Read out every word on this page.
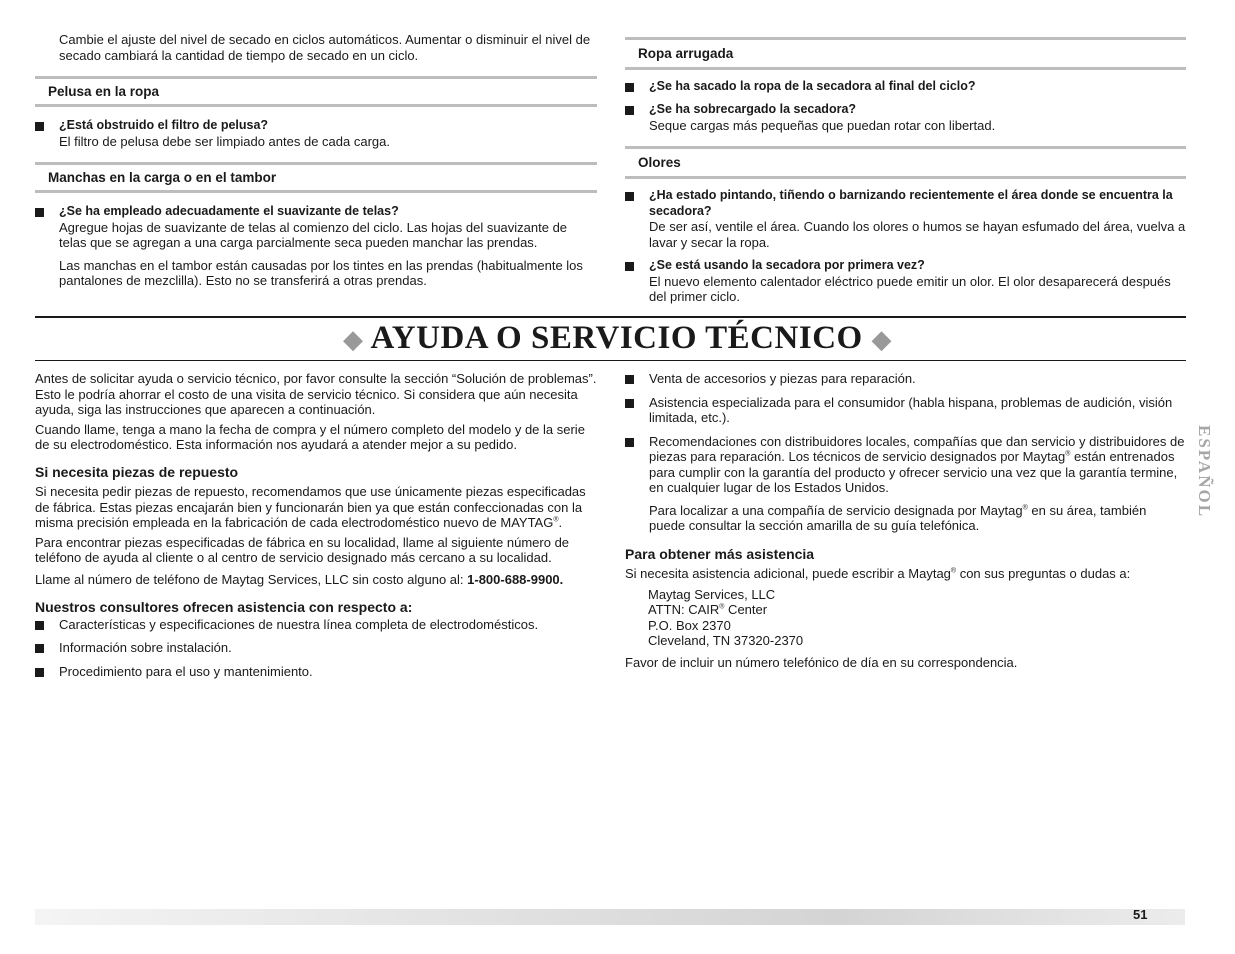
Cambie el ajuste del nivel de secado en ciclos automáticos. Aumentar o disminuir el nivel de secado cambiará la cantidad de tiempo de secado en un ciclo.

Pelusa en la ropa

¿Está obstruido el filtro de pelusa?

El filtro de pelusa debe ser limpiado antes de cada carga.

Manchas en la carga o en el tambor

¿Se ha empleado adecuadamente el suavizante de telas?

Agregue hojas de suavizante de telas al comienzo del ciclo. Las hojas del suavizante de telas que se agregan a una carga parcialmente seca pueden manchar las prendas.

Las manchas en el tambor están causadas por los tintes en las prendas (habitualmente los pantalones de mezclilla). Esto no se transferirá a otras prendas.

Ropa arrugada

¿Se ha sacado la ropa de la secadora al final del ciclo?

¿Se ha sobrecargado la secadora?

Seque cargas más pequeñas que puedan rotar con libertad.

Olores

¿Ha estado pintando, tiñendo o barnizando recientemente el área donde se encuentra la secadora?

De ser así, ventile el área. Cuando los olores o humos se hayan esfumado del área, vuelva a lavar y secar la ropa.

¿Se está usando la secadora por primera vez?

El nuevo elemento calentador eléctrico puede emitir un olor. El olor desaparecerá después del primer ciclo.

◆ AYUDA O SERVICIO TÉCNICO ◆

Antes de solicitar ayuda o servicio técnico, por favor consulte la sección “Solución de problemas”. Esto le podría ahorrar el costo de una visita de servicio técnico. Si considera que aún necesita ayuda, siga las instrucciones que aparecen a continuación.

Cuando llame, tenga a mano la fecha de compra y el número completo del modelo y de la serie de su electrodoméstico. Esta información nos ayudará a atender mejor a su pedido.

Si necesita piezas de repuesto

Si necesita pedir piezas de repuesto, recomendamos que use únicamente piezas especificadas de fábrica. Estas piezas encajarán bien y funcionarán bien ya que están confeccionadas con la misma precisión empleada en la fabricación de cada electrodoméstico nuevo de MAYTAG®.

Para encontrar piezas especificadas de fábrica en su localidad, llame al siguiente número de teléfono de ayuda al cliente o al centro de servicio designado más cercano a su localidad.

Llame al número de teléfono de Maytag Services, LLC sin costo alguno al: 1-800-688-9900.

Nuestros consultores ofrecen asistencia con respecto a:

Características y especificaciones de nuestra línea completa de electrodomésticos.

Información sobre instalación.

Procedimiento para el uso y mantenimiento.

Venta de accesorios y piezas para reparación.

Asistencia especializada para el consumidor (habla hispana, problemas de audición, visión limitada, etc.).

Recomendaciones con distribuidores locales, compañías que dan servicio y distribuidores de piezas para reparación. Los técnicos de servicio designados por Maytag® están entrenados para cumplir con la garantía del producto y ofrecer servicio una vez que la garantía termine, en cualquier lugar de los Estados Unidos.

Para localizar a una compañía de servicio designada por Maytag® en su área, también puede consultar la sección amarilla de su guía telefónica.

Para obtener más asistencia

Si necesita asistencia adicional, puede escribir a Maytag® con sus preguntas o dudas a:

Maytag Services, LLC

ATTN: CAIR® Center

P.O. Box 2370

Cleveland, TN 37320-2370

Favor de incluir un número telefónico de día en su correspondencia.

ESPAÑOL
51
